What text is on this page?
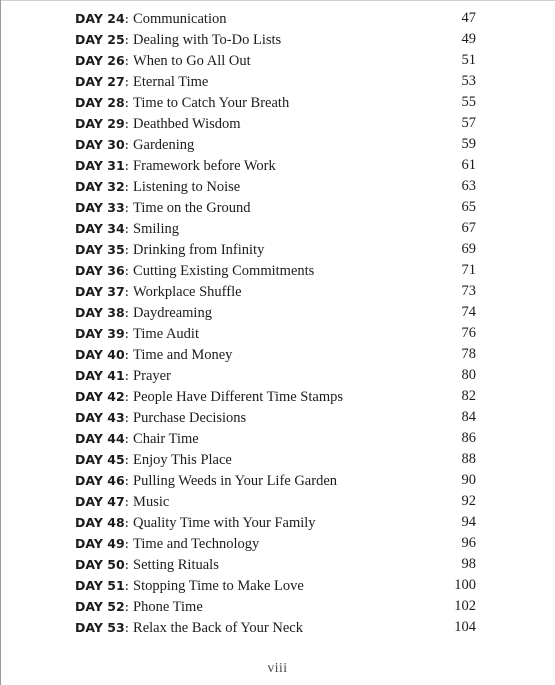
DAY 24: Communication	47
DAY 25: Dealing with To-Do Lists	49
DAY 26: When to Go All Out	51
DAY 27: Eternal Time	53
DAY 28: Time to Catch Your Breath	55
DAY 29: Deathbed Wisdom	57
DAY 30: Gardening	59
DAY 31: Framework before Work	61
DAY 32: Listening to Noise	63
DAY 33: Time on the Ground	65
DAY 34: Smiling	67
DAY 35: Drinking from Infinity	69
DAY 36: Cutting Existing Commitments	71
DAY 37: Workplace Shuffle	73
DAY 38: Daydreaming	74
DAY 39: Time Audit	76
DAY 40: Time and Money	78
DAY 41: Prayer	80
DAY 42: People Have Different Time Stamps	82
DAY 43: Purchase Decisions	84
DAY 44: Chair Time	86
DAY 45: Enjoy This Place	88
DAY 46: Pulling Weeds in Your Life Garden	90
DAY 47: Music	92
DAY 48: Quality Time with Your Family	94
DAY 49: Time and Technology	96
DAY 50: Setting Rituals	98
DAY 51: Stopping Time to Make Love	100
DAY 52: Phone Time	102
DAY 53: Relax the Back of Your Neck	104
viii
